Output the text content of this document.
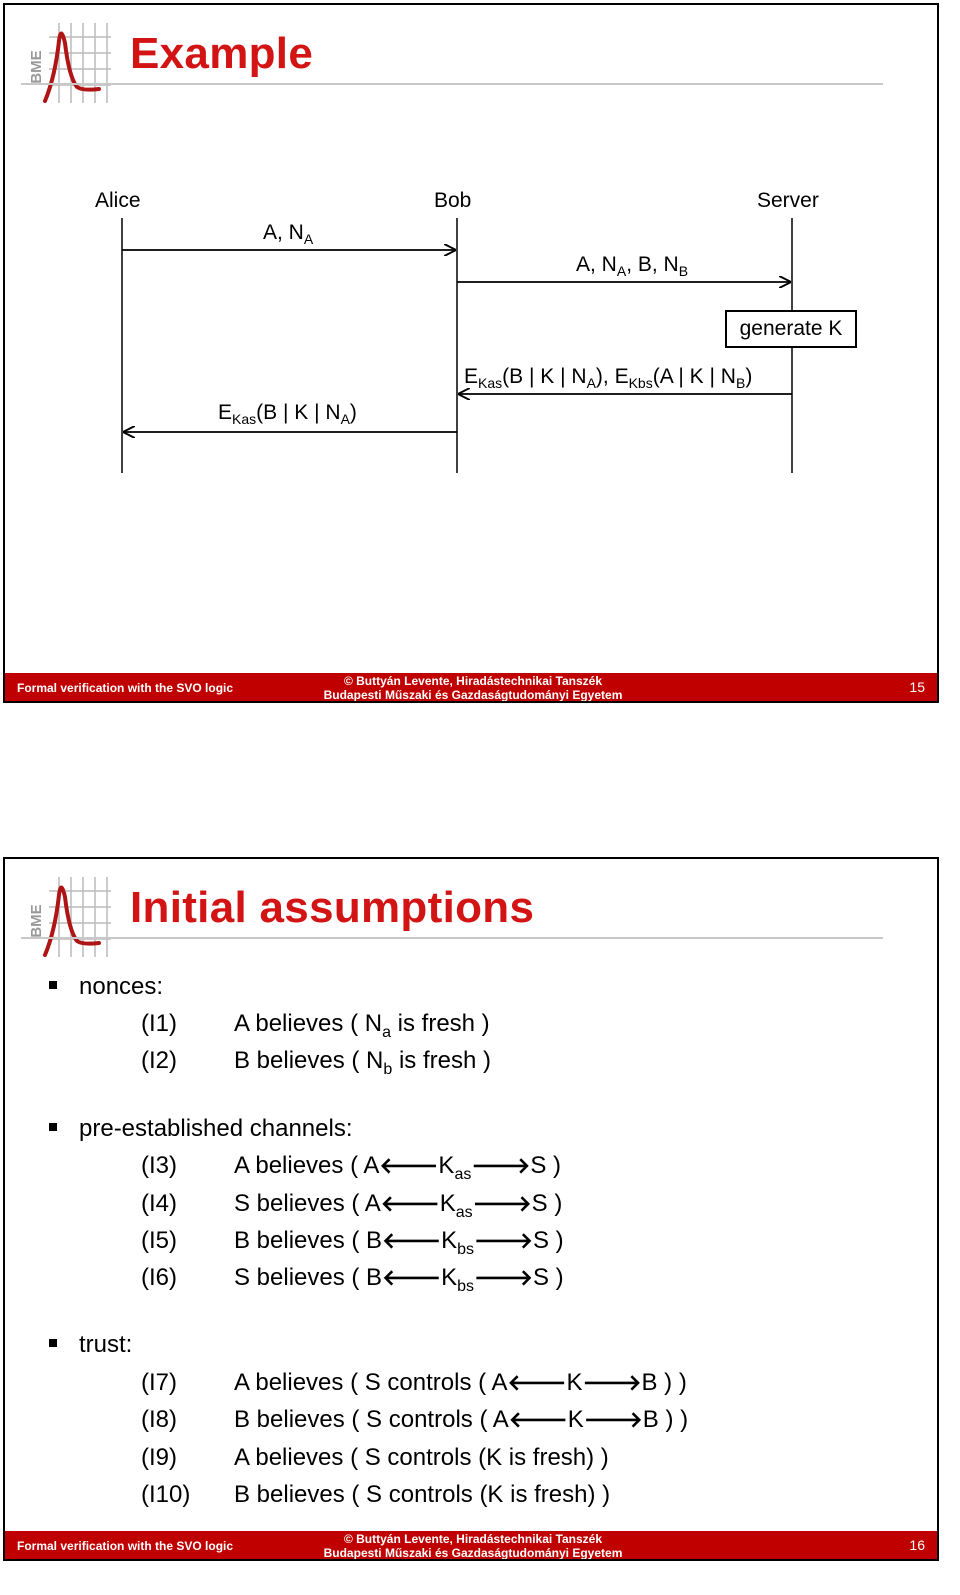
BME Example
Alice	Bob	Server
A, $N_A$
A, $N_A$, B, $N_B$
generate K
$E_{Kas}(B$ | K | $N_A$), $E_{Kbs}(A$ | K | $N_B$)
$E_{Kas}(B$ | K | $N_A$)
Formal verification with the SVO logic	© Buttyán Levente, Hiradástechnikai Tanszék
Budapesti Műszaki és Gazdaságtudományi Egyetem	15
BME Initial assumptions
nonces:
(I1) A believes ( $N_a$ is fresh )
(I2) B believes ( $N_b$ is fresh )
pre-established channels:
(I3) A believes ( $A🡐K_{as}🡒S$ )
(I4) S believes ( $A🡐K_{as}🡒S$ )
(I5) B believes ( $B🡐K_{bs}🡒S$ )
(I6) S believes ( $B🡐K_{bs}🡒S$ )
trust:
(I7) A believes ( S controls ( A🡐K🡒B ) )
(I8) B believes ( S controls ( A🡐K🡒B ) )
(I9) A believes ( S controls (K is fresh) )
(I10) B believes ( S controls (K is fresh) )
Formal verification with the SVO logic	© Buttyán Levente, Hiradástechnikai Tanszék
Budapesti Műszaki és Gazdaságtudományi Egyetem	16
